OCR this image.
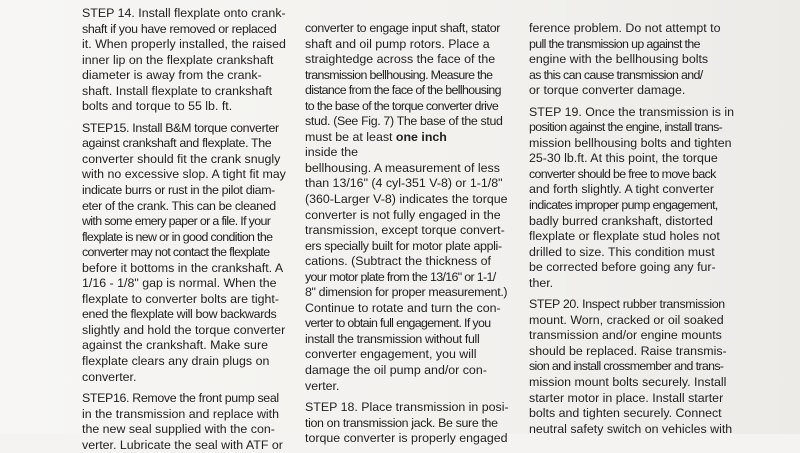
STEP 14. Install flexplate onto crank-
shaft if you have removed or replaced
it. When properly installed, the raised
inner lip on the flexplate crankshaft
diameter is away from the crank-
shaft. Install flexplate to crankshaft
bolts and torque to 55 lb. ft.
STEP15. Install B&M torque converter
against crankshaft and flexplate. The
converter should fit the crank snugly
with no excessive slop. A tight fit may
indicate burrs or rust in the pilot diam-
eter of the crank. This can be cleaned
with some emery paper or a file. If your
flexplate is new or in good condition the
converter may not contact the flexplate
before it bottoms in the crankshaft. A
1/16 - 1/8" gap is normal. When the
flexplate to converter bolts are tight-
ened the flexplate will bow backwards
slightly and hold the torque converter
against the crankshaft. Make sure
flexplate clears any drain plugs on
converter.
STEP16. Remove the front pump seal
in the transmission and replace with
the new seal supplied with the con-
verter. Lubricate the seal with ATF or
converter to engage input shaft, stator
shaft and oil pump rotors. Place a
straightedge across the face of the
transmission bellhousing. Measure the
distance from the face of the bellhousing
to the base of the torque converter drive
stud. (See Fig. 7) The base of the stud
must be at least one inch
inside the
bellhousing. A measurement of less
than 13/16" (4 cyl-351 V-8) or 1-1/8"
(360-Larger V-8) indicates the torque
converter is not fully engaged in the
transmission, except torque convert-
ers specially built for motor plate appli-
cations. (Subtract the thickness of
your motor plate from the 13/16" or 1-1/
8" dimension for proper measurement.)
Continue to rotate and turn the con-
verter to obtain full engagement. If you
install the transmission without full
converter engagement, you will
damage the oil pump and/or con-
verter.
STEP 18. Place transmission in posi-
tion on transmission jack. Be sure the
torque converter is properly engaged
ference problem. Do not attempt to
pull the transmission up against the
engine with the bellhousing bolts
as this can cause transmission and/
or torque converter damage.
STEP 19. Once the transmission is in
position against the engine, install trans-
mission bellhousing bolts and tighten
25-30 lb.ft. At this point, the torque
converter should be free to move back
and forth slightly. A tight converter
indicates improper pump engagement,
badly burred crankshaft, distorted
flexplate or flexplate stud holes not
drilled to size. This condition must
be corrected before going any fur-
ther.
STEP 20. Inspect rubber transmission
mount. Worn, cracked or oil soaked
transmission and/or engine mounts
should be replaced. Raise transmis-
sion and install crossmember and trans-
mission mount bolts securely. Install
starter motor in place. Install starter
bolts and tighten securely. Connect
neutral safety switch on vehicles with
